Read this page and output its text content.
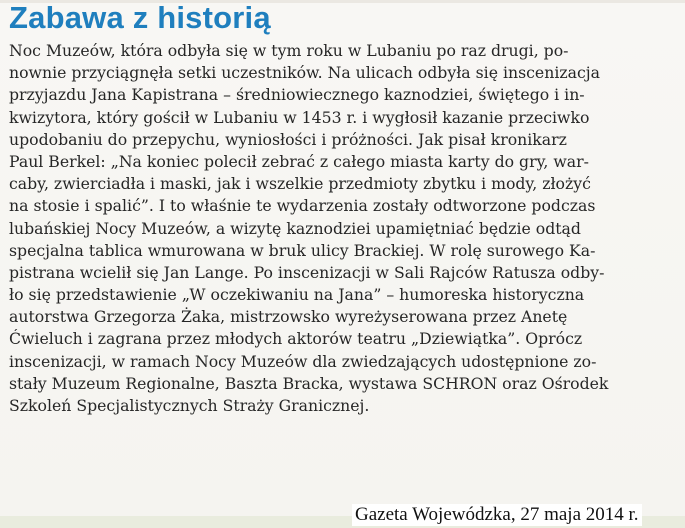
Zabawa z historią

Noc Muzeów, która odbyła się w tym roku w Lubaniu po raz drugi, po-
nownie przyciągnęła setki uczestników. Na ulicach odbyła się inscenizacja
przyjazdu Jana Kapistrana – średniowiecznego kaznodziei, świętego i in-
kwizytora, który gościł w Lubaniu w 1453 r. i wygłosił kazanie przeciwko
upodobaniu do przepychu, wyniosłości i próżności. Jak pisał kronikarz
Paul Berkel: „Na koniec polecił zebrać z całego miasta karty do gry, war-
caby, zwierciadła i maski, jak i wszelkie przedmioty zbytku i mody, złożyć
na stosie i spalić”. I to właśnie te wydarzenia zostały odtworzone podczas
lubańskiej Nocy Muzeów, a wizytę kaznodziei upamiętniać będzie odtąd
specjalna tablica wmurowana w bruk ulicy Brackiej. W rolę surowego Ka-
pistrana wcielił się Jan Lange. Po inscenizacji w Sali Rajców Ratusza odby-
ło się przedstawienie „W oczekiwaniu na Jana” – humoreska historyczna
autorstwa Grzegorza Żaka, mistrzowsko wyreżyserowana przez Anetę
Ćwieluch i zagrana przez młodych aktorów teatru „Dziewiątka”. Oprócz
inscenizacji, w ramach Nocy Muzeów dla zwiedzających udostępnione zo-
stały Muzeum Regionalne, Baszta Bracka, wystawa SCHRON oraz Ośrodek
Szkoleń Specjalistycznych Straży Granicznej.

Gazeta Wojewódzka, 27 maja 2014 r.
